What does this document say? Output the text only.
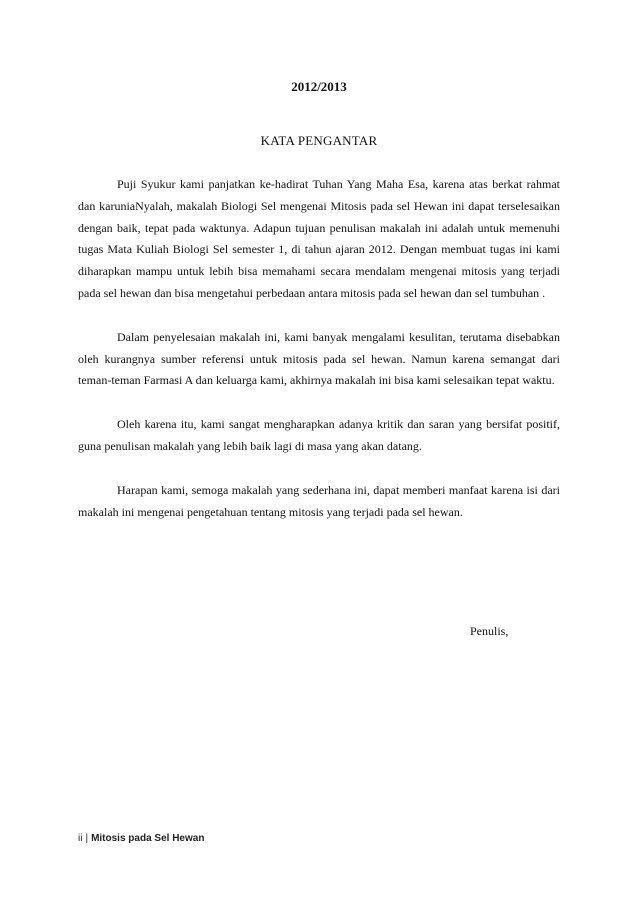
2012/2013
KATA PENGANTAR

Puji Syukur kami panjatkan ke-hadirat Tuhan Yang Maha Esa, karena atas berkat rahmat dan karuniaNyalah, makalah Biologi Sel mengenai Mitosis pada sel Hewan ini dapat terselesaikan dengan baik, tepat pada waktunya. Adapun tujuan penulisan makalah ini adalah untuk memenuhi tugas Mata Kuliah Biologi Sel semester 1, di tahun ajaran 2012. Dengan membuat tugas ini kami diharapkan mampu untuk lebih bisa memahami secara mendalam mengenai mitosis yang terjadi pada sel hewan dan bisa mengetahui perbedaan antara mitosis pada sel hewan dan sel tumbuhan .

Dalam penyelesaian makalah ini, kami banyak mengalami kesulitan, terutama disebabkan oleh kurangnya sumber referensi untuk mitosis pada sel hewan. Namun karena semangat dari teman-teman Farmasi A dan keluarga kami, akhirnya makalah ini bisa kami selesaikan tepat waktu.

Oleh karena itu, kami sangat mengharapkan adanya kritik dan saran yang bersifat positif, guna penulisan makalah yang lebih baik lagi di masa yang akan datang.

Harapan kami, semoga makalah yang sederhana ini, dapat memberi manfaat karena isi dari makalah ini mengenai pengetahuan tentang mitosis yang terjadi pada sel hewan.

Penulis,
ii | Mitosis pada Sel Hewan
